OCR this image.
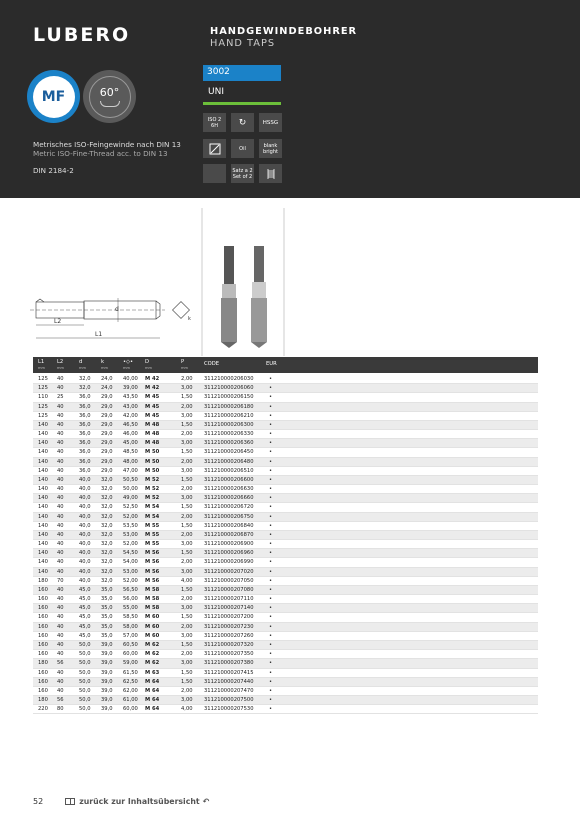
LUBERO
MF	60°
Metrisches ISO-Feingewinde nach DIN 13
Metric ISO-Fine-Thread acc. to DIN 13
DIN 2184-2
HANDGEWINDEBOHRER
HAND TAPS
3002
UNI
ISO 2
6H ↻	HSSG
Oil	blank
bright
Satz a 2
Set of 2
d
L2
L1
k
L1
mm
L2
mm
d
mm
k
mm
•◇•
mm
D
mm
P
mm
CODE	EUR
125 40	32,0 24,0 40,00 M 42	2,00 311210000206030	•
125 40	32,0 24,0 39,00 M 42	3,00 311210000206060	•
110 25	36,0 29,0 43,50 M 45	1,50 311210000206150	•
125 40	36,0 29,0 43,00 M 45	2,00 311210000206180	•
125 40	36,0 29,0 42,00 M 45	3,00 311210000206210	•
140 40	36,0 29,0 46,50 M 48	1,50 311210000206300	•
140 40	36,0 29,0 46,00 M 48	2,00 311210000206330	•
140 40	36,0 29,0 45,00 M 48	3,00 311210000206360	•
140 40	36,0 29,0 48,50 M 50	1,50 311210000206450	•
140 40	36,0 29,0 48,00 M 50	2,00 311210000206480	•
140 40	36,0 29,0 47,00 M 50	3,00 311210000206510	•
140 40	40,0 32,0 50,50 M 52	1,50 311210000206600	•
140 40	40,0 32,0 50,00 M 52	2,00 311210000206630	•
140 40	40,0 32,0 49,00 M 52	3,00 311210000206660	•
140 40	40,0 32,0 52,50 M 54	1,50 311210000206720	•
140 40	40,0 32,0 52,00 M 54	2,00 311210000206750	•
140 40	40,0 32,0 53,50 M 55	1,50 311210000206840	•
140 40	40,0 32,0 53,00 M 55	2,00 311210000206870	•
140 40	40,0 32,0 52,00 M 55	3,00 311210000206900	•
140 40	40,0 32,0 54,50 M 56	1,50 311210000206960	•
140 40	40,0 32,0 54,00 M 56	2,00 311210000206990	•
140 40	40,0 32,0 53,00 M 56	3,00 311210000207020	•
180 70	40,0 32,0 52,00 M 56	4,00 311210000207050	•
160 40	45,0 35,0 56,50 M 58	1,50 311210000207080	•
160 40	45,0 35,0 56,00 M 58	2,00 311210000207110	•
160 40	45,0 35,0 55,00 M 58	3,00 311210000207140	•
160 40	45,0 35,0 58,50 M 60	1,50 311210000207200	•
160 40	45,0 35,0 58,00 M 60	2,00 311210000207230	•
160 40	45,0 35,0 57,00 M 60	3,00 311210000207260	•
160 40	50,0 39,0 60,50 M 62	1,50 311210000207320	•
160 40	50,0 39,0 60,00 M 62	2,00 311210000207350	•
180 56	50,0 39,0 59,00 M 62	3,00 311210000207380	•
160 40	50,0 39,0 61,50 M 63	1,50 311210000207415	•
160 40	50,0 39,0 62,50 M 64	1,50 311210000207440	•
160 40	50,0 39,0 62,00 M 64	2,00 311210000207470	•
180 56	50,0 39,0 61,00 M 64	3,00 311210000207500	•
220 80	50,0 39,0 60,00 M 64	4,00 311210000207530	•
52	zurück zur Inhaltsübersicht ↶
